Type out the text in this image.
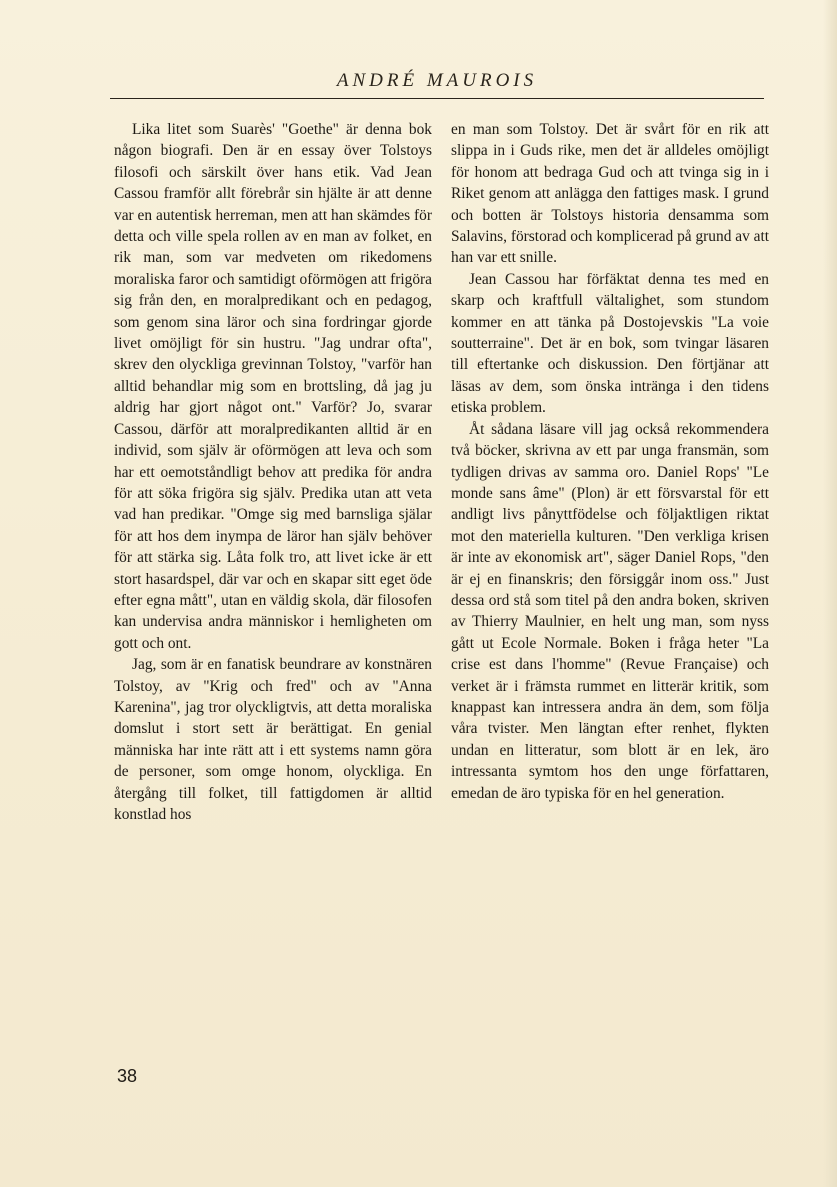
ANDRÉ MAUROIS

Lika litet som Suarès' "Goethe" är denna bok någon biografi. Den är en essay över Tolstoys filosofi och särskilt över hans etik. Vad Jean Cassou framför allt förebrår sin hjälte är att denne var en autentisk herreman, men att han skämdes för detta och ville spela rollen av en man av folket, en rik man, som var medveten om rikedomens moraliska faror och samtidigt oförmögen att frigöra sig från den, en moralpredikant och en pedagog, som genom sina läror och sina fordringar gjorde livet omöjligt för sin hustru. "Jag undrar ofta", skrev den olyckliga grevinnan Tolstoy, "varför han alltid behandlar mig som en brottsling, då jag ju aldrig har gjort något ont." Varför? Jo, svarar Cassou, därför att moralpredikanten alltid är en individ, som själv är oförmögen att leva och som har ett oemotståndligt behov att predika för andra för att söka frigöra sig själv. Predika utan att veta vad han predikar. "Omge sig med barnsliga själar för att hos dem inympa de läror han själv behöver för att stärka sig. Låta folk tro, att livet icke är ett stort hasardspel, där var och en skapar sitt eget öde efter egna mått", utan en väldig skola, där filosofen kan undervisa andra människor i hemligheten om gott och ont.

Jag, som är en fanatisk beundrare av konstnären Tolstoy, av "Krig och fred" och av "Anna Karenina", jag tror olyckligtvis, att detta moraliska domslut i stort sett är berättigat. En genial människa har inte rätt att i ett systems namn göra de personer, som omge honom, olyckliga. En återgång till folket, till fattigdomen är alltid konstlad hos

en man som Tolstoy. Det är svårt för en rik att slippa in i Guds rike, men det är alldeles omöjligt för honom att bedraga Gud och att tvinga sig in i Riket genom att anlägga den fattiges mask. I grund och botten är Tolstoys historia densamma som Salavins, förstorad och komplicerad på grund av att han var ett snille.

Jean Cassou har förfäktat denna tes med en skarp och kraftfull vältalighet, som stundom kommer en att tänka på Dostojevskis "La voie soutterraine". Det är en bok, som tvingar läsaren till eftertanke och diskussion. Den förtjänar att läsas av dem, som önska intränga i den tidens etiska problem.

Åt sådana läsare vill jag också rekommendera två böcker, skrivna av ett par unga fransmän, som tydligen drivas av samma oro. Daniel Rops' "Le monde sans âme" (Plon) är ett försvarstal för ett andligt livs pånyttfödelse och följaktligen riktat mot den materiella kulturen. "Den verkliga krisen är inte av ekonomisk art", säger Daniel Rops, "den är ej en finanskris; den försiggår inom oss." Just dessa ord stå som titel på den andra boken, skriven av Thierry Maulnier, en helt ung man, som nyss gått ut Ecole Normale. Boken i fråga heter "La crise est dans l'homme" (Revue Française) och verket är i främsta rummet en litterär kritik, som knappast kan intressera andra än dem, som följa våra tvister. Men längtan efter renhet, flykten undan en litteratur, som blott är en lek, äro intressanta symtom hos den unge författaren, emedan de äro typiska för en hel generation.

38
